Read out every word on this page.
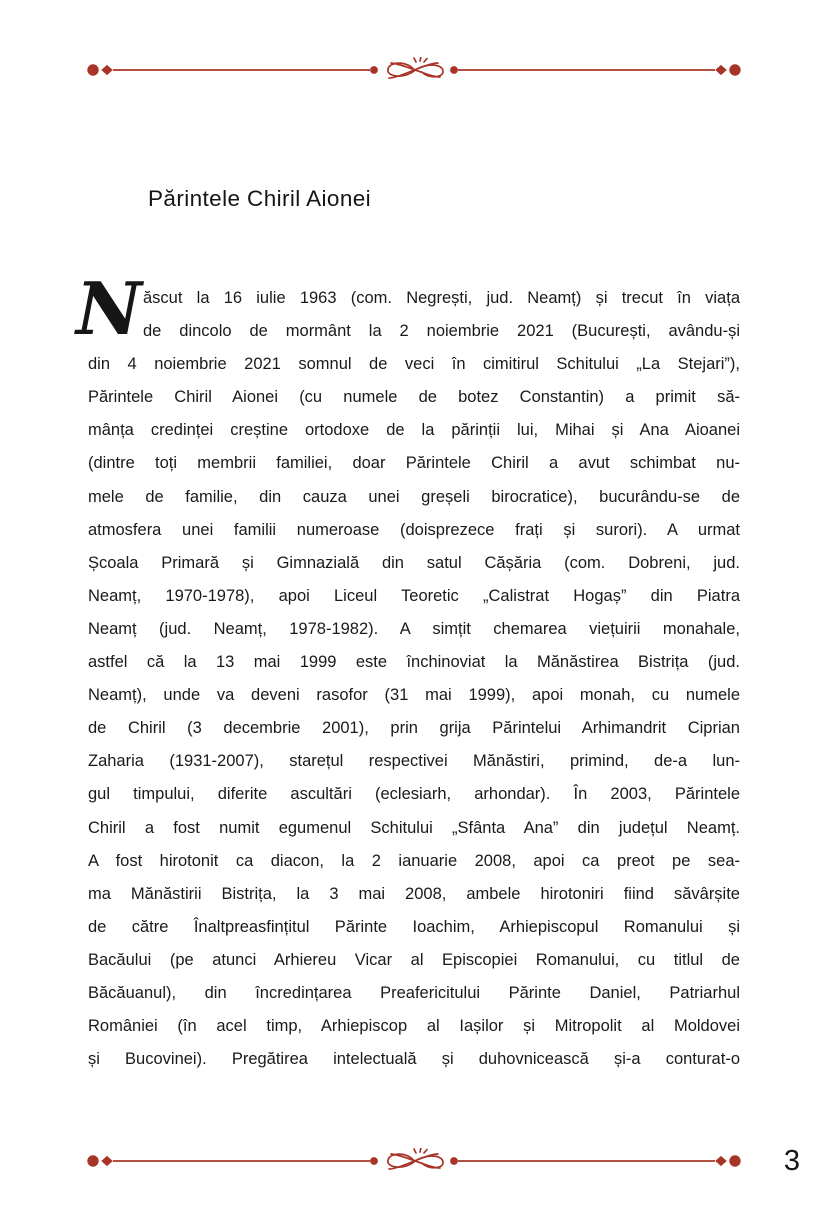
Părintele Chiril Aionei
N ăscut la 16 iulie 1963 (com. Negrești, jud. Neamț) și trecut în viața
de dincolo de mormânt la 2 noiembrie 2021 (București, avându-și
din 4 noiembrie 2021 somnul de veci în cimitirul Schitului „La Stejari”),
Părintele Chiril Aionei (cu numele de botez Constantin) a primit să-
mânța credinței creștine ortodoxe de la părinții lui, Mihai și Ana Aioanei
(dintre toți membrii familiei, doar Părintele Chiril a avut schimbat nu-
mele de familie, din cauza unei greșeli birocratice), bucurându-se de
atmosfera unei familii numeroase (doisprezece frați și surori). A urmat
Școala Primară și Gimnazială din satul Cășăria (com. Dobreni, jud.
Neamț, 1970-1978), apoi Liceul Teoretic „Calistrat Hogaș” din Piatra
Neamț (jud. Neamț, 1978-1982). A simțit chemarea viețuirii monahale,
astfel că la 13 mai 1999 este închinoviat la Mănăstirea Bistrița (jud.
Neamț), unde va deveni rasofor (31 mai 1999), apoi monah, cu numele
de Chiril (3 decembrie 2001), prin grija Părintelui Arhimandrit Ciprian
Zaharia (1931-2007), starețul respectivei Mănăstiri, primind, de-a lun-
gul timpului, diferite ascultări (eclesiarh, arhondar). În 2003, Părintele
Chiril a fost numit egumenul Schitului „Sfânta Ana” din județul Neamț.
A fost hirotonit ca diacon, la 2 ianuarie 2008, apoi ca preot pe sea-
ma Mănăstirii Bistrița, la 3 mai 2008, ambele hirotoniri fiind săvârșite
de către Înaltpreasfințitul Părinte Ioachim, Arhiepiscopul Romanului și
Bacăului (pe atunci Arhiereu Vicar al Episcopiei Romanului, cu titlul de
Băcăuanul), din încredințarea Preafericitului Părinte Daniel, Patriarhul
României (în acel timp, Arhiepiscop al Iașilor și Mitropolit al Moldovei
și Bucovinei). Pregătirea intelectuală și duhovnicească și-a conturat-o
3
